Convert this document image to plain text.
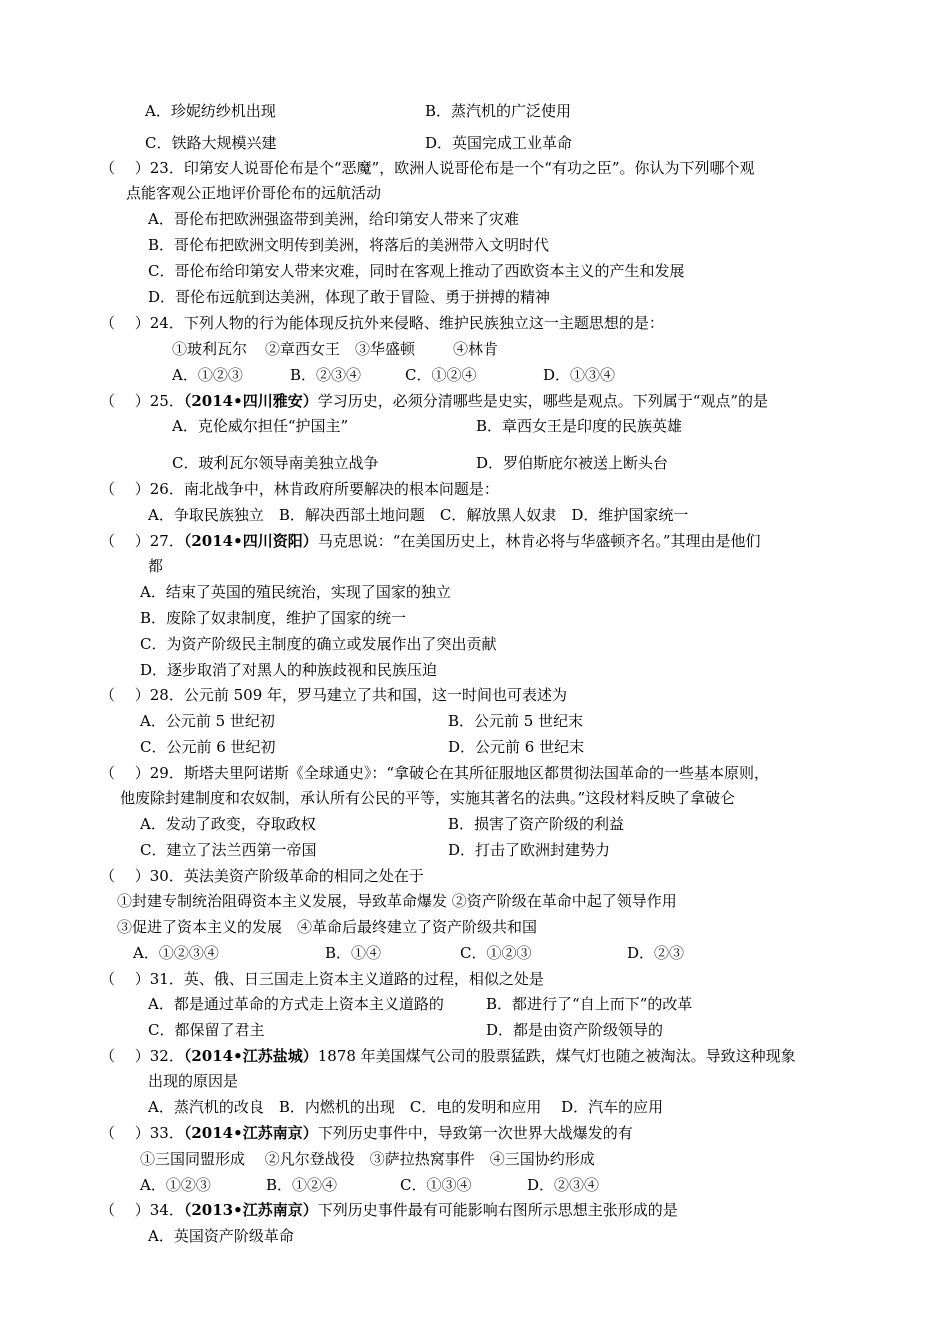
A．珍妮纺纱机出现	B．蒸汽机的广泛使用
C．铁路大规模兴建	D．英国完成工业革命
（　 ）23．印第安人说哥伦布是个“恶魔”，欧洲人说哥伦布是一个“有功之臣”。你认为下列哪个观
点能客观公正地评价哥伦布的远航活动
A．哥伦布把欧洲强盗带到美洲，给印第安人带来了灾难
B．哥伦布把欧洲文明传到美洲，将落后的美洲带入文明时代
C．哥伦布给印第安人带来灾难，同时在客观上推动了西欧资本主义的产生和发展
D．哥伦布远航到达美洲，体现了敢于冒险、勇于拼搏的精神
（　 ）24．下列人物的行为能体现反抗外来侵略、维护民族独立这一主题思想的是：
①玻利瓦尔 ②章西女王 ③华盛顿	④林肯
A．①②③	B．②③④	C．①②④	D．①③④
（　 ）25．（2014•四川雅安）学习历史，必须分清哪些是史实，哪些是观点。下列属于“观点”的是
A．克伦威尔担任“护国主”	B．章西女王是印度的民族英雄
C．玻利瓦尔领导南美独立战争	D．罗伯斯庇尔被送上断头台
（　 ）26．南北战争中，林肯政府所要解决的根本问题是：
A．争取民族独立　B．解决西部土地问题　C．解放黑人奴隶　D．维护国家统一
（　 ）27．（2014•四川资阳）马克思说：“在美国历史上，林肯必将与华盛顿齐名。”其理由是他们
都
A．结束了英国的殖民统治，实现了国家的独立
B．废除了奴隶制度，维护了国家的统一
C．为资产阶级民主制度的确立或发展作出了突出贡献
D．逐步取消了对黑人的种族歧视和民族压迫
（　 ）28．公元前 509 年，罗马建立了共和国，这一时间也可表述为
A．公元前 5 世纪初	B．公元前 5 世纪末
C．公元前 6 世纪初	D．公元前 6 世纪末
（　 ）29．斯塔夫里阿诺斯《全球通史》：“拿破仑在其所征服地区都贯彻法国革命的一些基本原则，
他废除封建制度和农奴制，承认所有公民的平等，实施其著名的法典。”这段材料反映了拿破仑
A．发动了政变，夺取政权	B．损害了资产阶级的利益
C．建立了法兰西第一帝国	D．打击了欧洲封建势力
（　 ）30．英法美资产阶级革命的相同之处在于
①封建专制统治阻碍资本主义发展，导致革命爆发 ②资产阶级在革命中起了领导作用
③促进了资本主义的发展　④革命后最终建立了资产阶级共和国
A．①②③④	B．①④	C．①②③	D．②③
（　 ）31．英、俄、日三国走上资本主义道路的过程，相似之处是
A．都是通过革命的方式走上资本主义道路的	B．都进行了“自上而下”的改革
C．都保留了君主	D．都是由资产阶级领导的
（　 ）32．（2014•江苏盐城）1878 年美国煤气公司的股票猛跌，煤气灯也随之被淘汰。导致这种现象
出现的原因是
A．蒸汽机的改良　B．内燃机的出现　C．电的发明和应用　 D．汽车的应用
（　 ）33．（2014•江苏南京）下列历史事件中，导致第一次世界大战爆发的有
①三国同盟形成　 ②凡尔登战役　③萨拉热窝事件　④三国协约形成
A．①②③	B．①②④	C．①③④	D．②③④
（　 ）34．（2013•江苏南京）下列历史事件最有可能影响右图所示思想主张形成的是
A．英国资产阶级革命
